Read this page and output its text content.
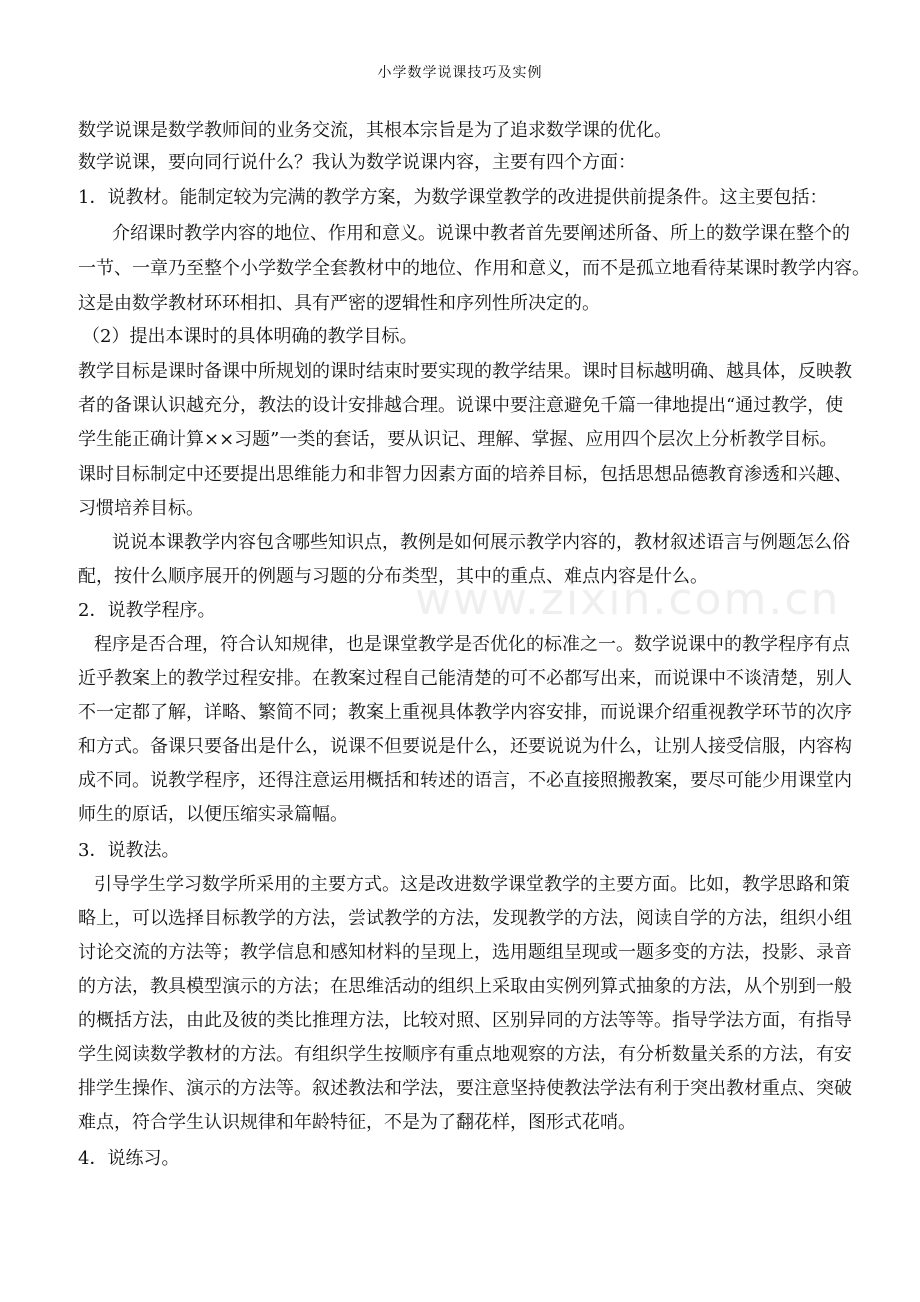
www.zixin.com.cn
小学数学说课技巧及实例
数学说课是数学教师间的业务交流，其根本宗旨是为了追求数学课的优化。
数学说课，要向同行说什么？我认为数学说课内容，主要有四个方面：
1．说教材。能制定较为完满的教学方案，为数学课堂教学的改进提供前提条件。这主要包括：
介绍课时教学内容的地位、作用和意义。说课中教者首先要阐述所备、所上的数学课在整个的
一节、一章乃至整个小学数学全套教材中的地位、作用和意义，而不是孤立地看待某课时教学内容。
这是由数学教材环环相扣、具有严密的逻辑性和序列性所决定的。
（2）提出本课时的具体明确的教学目标。
教学目标是课时备课中所规划的课时结束时要实现的教学结果。课时目标越明确、越具体，反映教
者的备课认识越充分，教法的设计安排越合理。说课中要注意避免千篇一律地提出“通过教学，使
学生能正确计算××习题”一类的套话，要从识记、理解、掌握、应用四个层次上分析教学目标。
课时目标制定中还要提出思维能力和非智力因素方面的培养目标，包括思想品德教育渗透和兴趣、
习惯培养目标。
说说本课教学内容包含哪些知识点，教例是如何展示教学内容的，教材叙述语言与例题怎么俗
配，按什么顺序展开的例题与习题的分布类型，其中的重点、难点内容是什么。
2．说教学程序。
程序是否合理，符合认知规律，也是课堂教学是否优化的标准之一。数学说课中的教学程序有点
近乎教案上的教学过程安排。在教案过程自己能清楚的可不必都写出来，而说课中不谈清楚，别人
不一定都了解，详略、繁简不同；教案上重视具体教学内容安排，而说课介绍重视教学环节的次序
和方式。备课只要备出是什么，说课不但要说是什么，还要说说为什么，让别人接受信服，内容构
成不同。说教学程序，还得注意运用概括和转述的语言，不必直接照搬教案，要尽可能少用课堂内
师生的原话，以便压缩实录篇幅。
3．说教法。
引导学生学习数学所采用的主要方式。这是改进数学课堂教学的主要方面。比如，教学思路和策
略上，可以选择目标教学的方法，尝试教学的方法，发现教学的方法，阅读自学的方法，组织小组
讨论交流的方法等；教学信息和感知材料的呈现上，选用题组呈现或一题多变的方法，投影、录音
的方法，教具模型演示的方法；在思维活动的组织上采取由实例列算式抽象的方法，从个别到一般
的概括方法，由此及彼的类比推理方法，比较对照、区别异同的方法等等。指导学法方面，有指导
学生阅读数学教材的方法。有组织学生按顺序有重点地观察的方法，有分析数量关系的方法，有安
排学生操作、演示的方法等。叙述教法和学法，要注意坚持使教法学法有利于突出教材重点、突破
难点，符合学生认识规律和年龄特征，不是为了翻花样，图形式花哨。
4．说练习。
